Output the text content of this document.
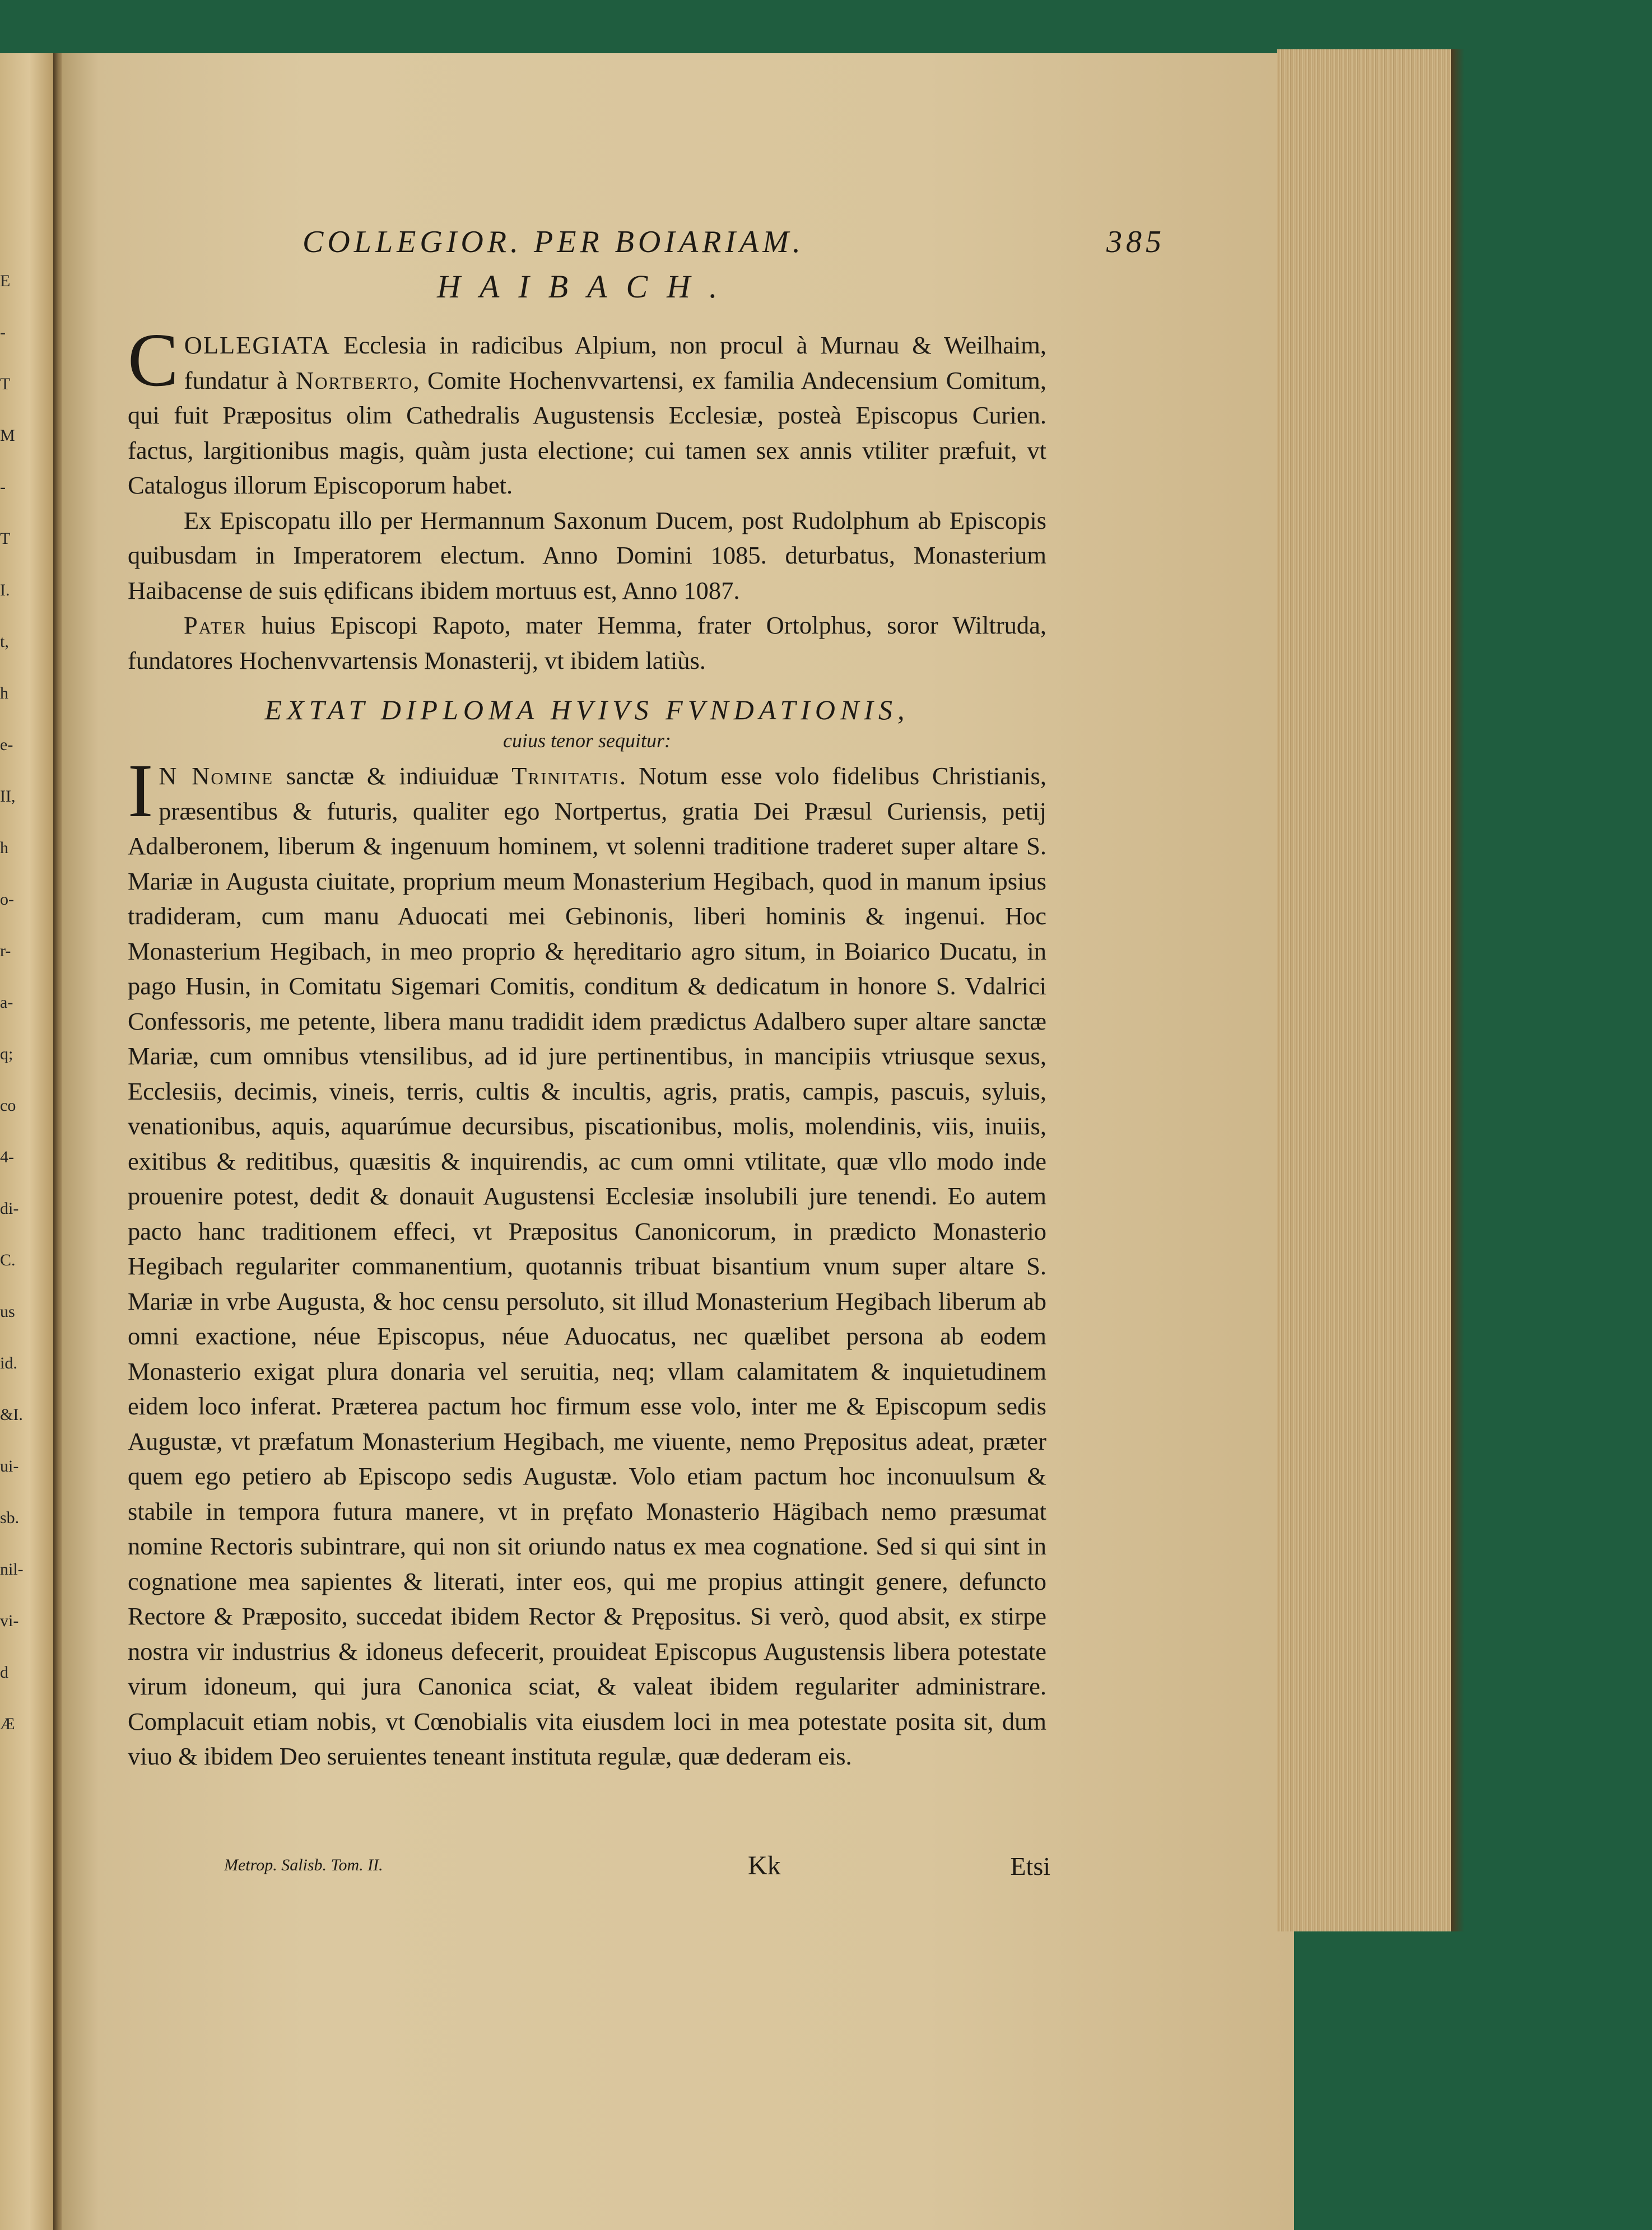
E
-
T
M
-
T
I.
t,
h
e-
II,
h
o-
r-
a-
q;
co
4-
di-
C.
us
id.
&I.
ui-
sb.
nil-
vi-
d
Æ
COLLEGIOR. PER BOIARIAM.	385
HAIBACH.

COLLEGIATA Ecclesia in radicibus Alpium, non procul à Murnau & Weilhaim, fundatur à Nortberto, Comite Hochenvvartensi, ex familia Andecensium Comitum, qui fuit Præpositus olim Cathedralis Augustensis Ecclesiæ, posteà Episcopus Curien. factus, largitionibus magis, quàm justa electione; cui tamen sex annis vtiliter præfuit, vt Catalogus illorum Episcoporum habet.

Ex Episcopatu illo per Hermannum Saxonum Ducem, post Rudolphum ab Episcopis quibusdam in Imperatorem electum. Anno Domini 1085. deturbatus, Monasterium Haibacense de suis ędificans ibidem mortuus est, Anno 1087.

Pater huius Episcopi Rapoto, mater Hemma, frater Ortolphus, soror Wiltruda, fundatores Hochenvvartensis Monasterij, vt ibidem latiùs.

EXTAT DIPLOMA HVIVS FVNDATIONIS,
cuius tenor sequitur:

I N Nomine sanctæ & indiuiduæ Trinitatis. Notum esse volo fidelibus Christianis, præsentibus & futuris, qualiter ego Nortpertus, gratia Dei Præsul Curiensis, petij Adalberonem, liberum & ingenuum hominem, vt solenni traditione traderet super altare S. Mariæ in Augusta ciuitate, proprium meum Monasterium Hegibach, quod in manum ipsius tradideram, cum manu Aduocati mei Gebinonis, liberi hominis & ingenui. Hoc Monasterium Hegibach, in meo proprio & hęreditario agro situm, in Boiarico Ducatu, in pago Husin, in Comitatu Sigemari Comitis, conditum & dedicatum in honore S. Vdalrici Confessoris, me petente, libera manu tradidit idem prædictus Adalbero super altare sanctæ Mariæ, cum omnibus vtensilibus, ad id jure pertinentibus, in mancipiis vtriusque sexus, Ecclesiis, decimis, vineis, terris, cultis & incultis, agris, pratis, campis, pascuis, syluis, venationibus, aquis, aquarúmue decursibus, piscationibus, molis, molendinis, viis, inuiis, exitibus & reditibus, quæsitis & inquirendis, ac cum omni vtilitate, quæ vllo modo inde prouenire potest, dedit & donauit Augustensi Ecclesiæ insolubili jure tenendi. Eo autem pacto hanc traditionem effeci, vt Præpositus Canonicorum, in prædicto Monasterio Hegibach regulariter commanentium, quotannis tribuat bisantium vnum super altare S. Mariæ in vrbe Augusta, & hoc censu persoluto, sit illud Monasterium Hegibach liberum ab omni exactione, néue Episcopus, néue Aduocatus, nec quælibet persona ab eodem Monasterio exigat plura donaria vel seruitia, neq; vllam calamitatem & inquietudinem eidem loco inferat. Præterea pactum hoc firmum esse volo, inter me & Episcopum sedis Augustæ, vt præfatum Monasterium Hegibach, me viuente, nemo Prępositus adeat, præter quem ego petiero ab Episcopo sedis Augustæ. Volo etiam pactum hoc inconuulsum & stabile in tempora futura manere, vt in pręfato Monasterio Hägibach nemo præsumat nomine Rectoris subintrare, qui non sit oriundo natus ex mea cognatione. Sed si qui sint in cognatione mea sapientes & literati, inter eos, qui me propius attingit genere, defuncto Rectore & Præposito, succedat ibidem Rector & Prępositus. Si verò, quod absit, ex stirpe nostra vir industrius & idoneus defecerit, prouideat Episcopus Augustensis libera potestate virum idoneum, qui jura Canonica sciat, & valeat ibidem regulariter administrare. Complacuit etiam nobis, vt Cœnobialis vita eiusdem loci in mea potestate posita sit, dum viuo & ibidem Deo seruientes teneant instituta regulæ, quæ dederam eis.

Metrop. Salisb. Tom. II.	Kk	Etsi
